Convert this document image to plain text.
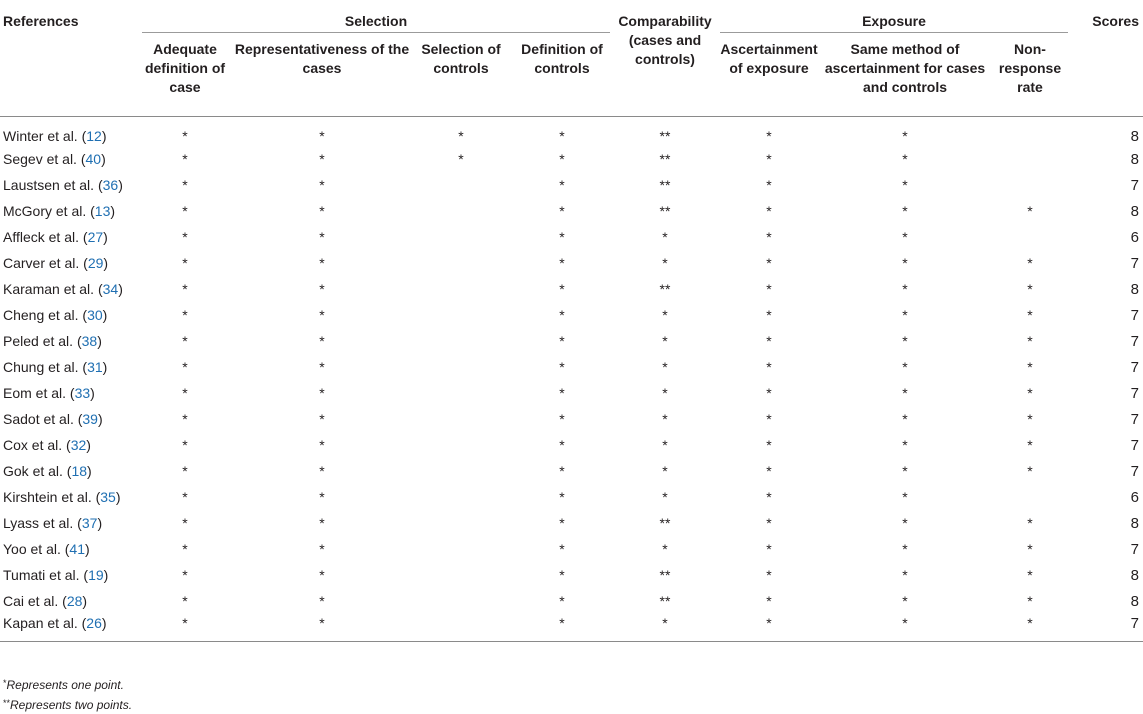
References	Selection				Comparability (cases and controls)	Exposure			Scores
	Adequate definition of case	Representativeness of the cases	Selection of controls	Definition of controls		Ascertainment of exposure	Same method of ascertainment for cases and controls	Non-response rate	
Winter et al. (12)	*	*	*	*	**	*	*		8
Segev et al. (40)	*	*	*	*	**	*	*		8
Laustsen et al. (36)	*	*		*	**	*	*		7
McGory et al. (13)	*	*		*	**	*	*	*	8
Affleck et al. (27)	*	*		*	*	*	*		6
Carver et al. (29)	*	*		*	*	*	*	*	7
Karaman et al. (34)	*	*		*	**	*	*	*	8
Cheng et al. (30)	*	*		*	*	*	*	*	7
Peled et al. (38)	*	*		*	*	*	*	*	7
Chung et al. (31)	*	*		*	*	*	*	*	7
Eom et al. (33)	*	*		*	*	*	*	*	7
Sadot et al. (39)	*	*		*	*	*	*	*	7
Cox et al. (32)	*	*		*	*	*	*	*	7
Gok et al. (18)	*	*		*	*	*	*	*	7
Kirshtein et al. (35)	*	*		*	*	*	*		6
Lyass et al. (37)	*	*		*	**	*	*	*	8
Yoo et al. (41)	*	*		*	*	*	*	*	7
Tumati et al. (19)	*	*		*	**	*	*	*	8
Cai et al. (28)	*	*		*	**	*	*	*	8
Kapan et al. (26)	*	*		*	*	*	*	*	7
*Represents one point.
**Represents two points.
